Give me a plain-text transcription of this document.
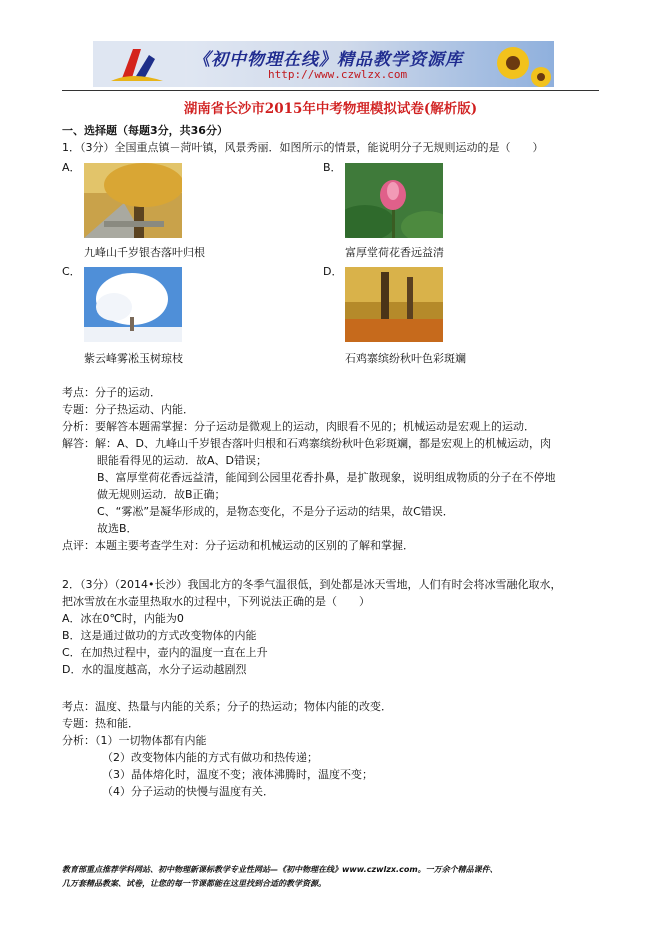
《初中物理在线》精品教学资源库
http://www.czwlzx.com
湖南省长沙市2015年中考物理模拟试卷(解析版)
一、选择题（每题3分，共36分）
1．（3分）全国重点镇－菏叶镇，风景秀丽．如图所示的情景，能说明分子无规则运动的是（　　）
A．
九峰山千岁银杏落叶归根
B．
富厚堂荷花香远益清
C．
紫云峰雾凇玉树琼枝
D．
石鸡寨缤纷秋叶色彩斑斓
考点：分子的运动．
专题：分子热运动、内能．
分析：要解答本题需掌握：分子运动是微观上的运动，肉眼看不见的；机械运动是宏观上的运动．
解答：解：A、D、九峰山千岁银杏落叶归根和石鸡寨缤纷秋叶色彩斑斓，都是宏观上的机械运动，肉
眼能看得见的运动．故A、D错误；
B、富厚堂荷花香远益清，能闻到公园里花香扑鼻，是扩散现象，说明组成物质的分子在不停地
做无规则运动．故B正确；
C、“雾凇”是凝华形成的，是物态变化，不是分子运动的结果，故C错误．
故选B．
点评：本题主要考查学生对：分子运动和机械运动的区别的了解和掌握．
2．（3分）（2014•长沙）我国北方的冬季气温很低，到处都是冰天雪地，人们有时会将冰雪融化取水，
把冰雪放在水壶里热取水的过程中，下列说法正确的是（　　）
A．冰在0℃时，内能为0
B．这是通过做功的方式改变物体的内能
C．在加热过程中，壶内的温度一直在上升
D．水的温度越高，水分子运动越剧烈
考点：温度、热量与内能的关系；分子的热运动；物体内能的改变．
专题：热和能．
分析：（1）一切物体都有内能
（2）改变物体内能的方式有做功和热传递；
（3）晶体熔化时，温度不变；液体沸腾时，温度不变；
（4）分子运动的快慢与温度有关．
教育部重点推荐学科网站、初中物理新课标教学专业性网站—《初中物理在线》www.czwlzx.com。一万余个精品课件、
几万套精品教案、试卷，让您的每一节课都能在这里找到合适的教学资源。
